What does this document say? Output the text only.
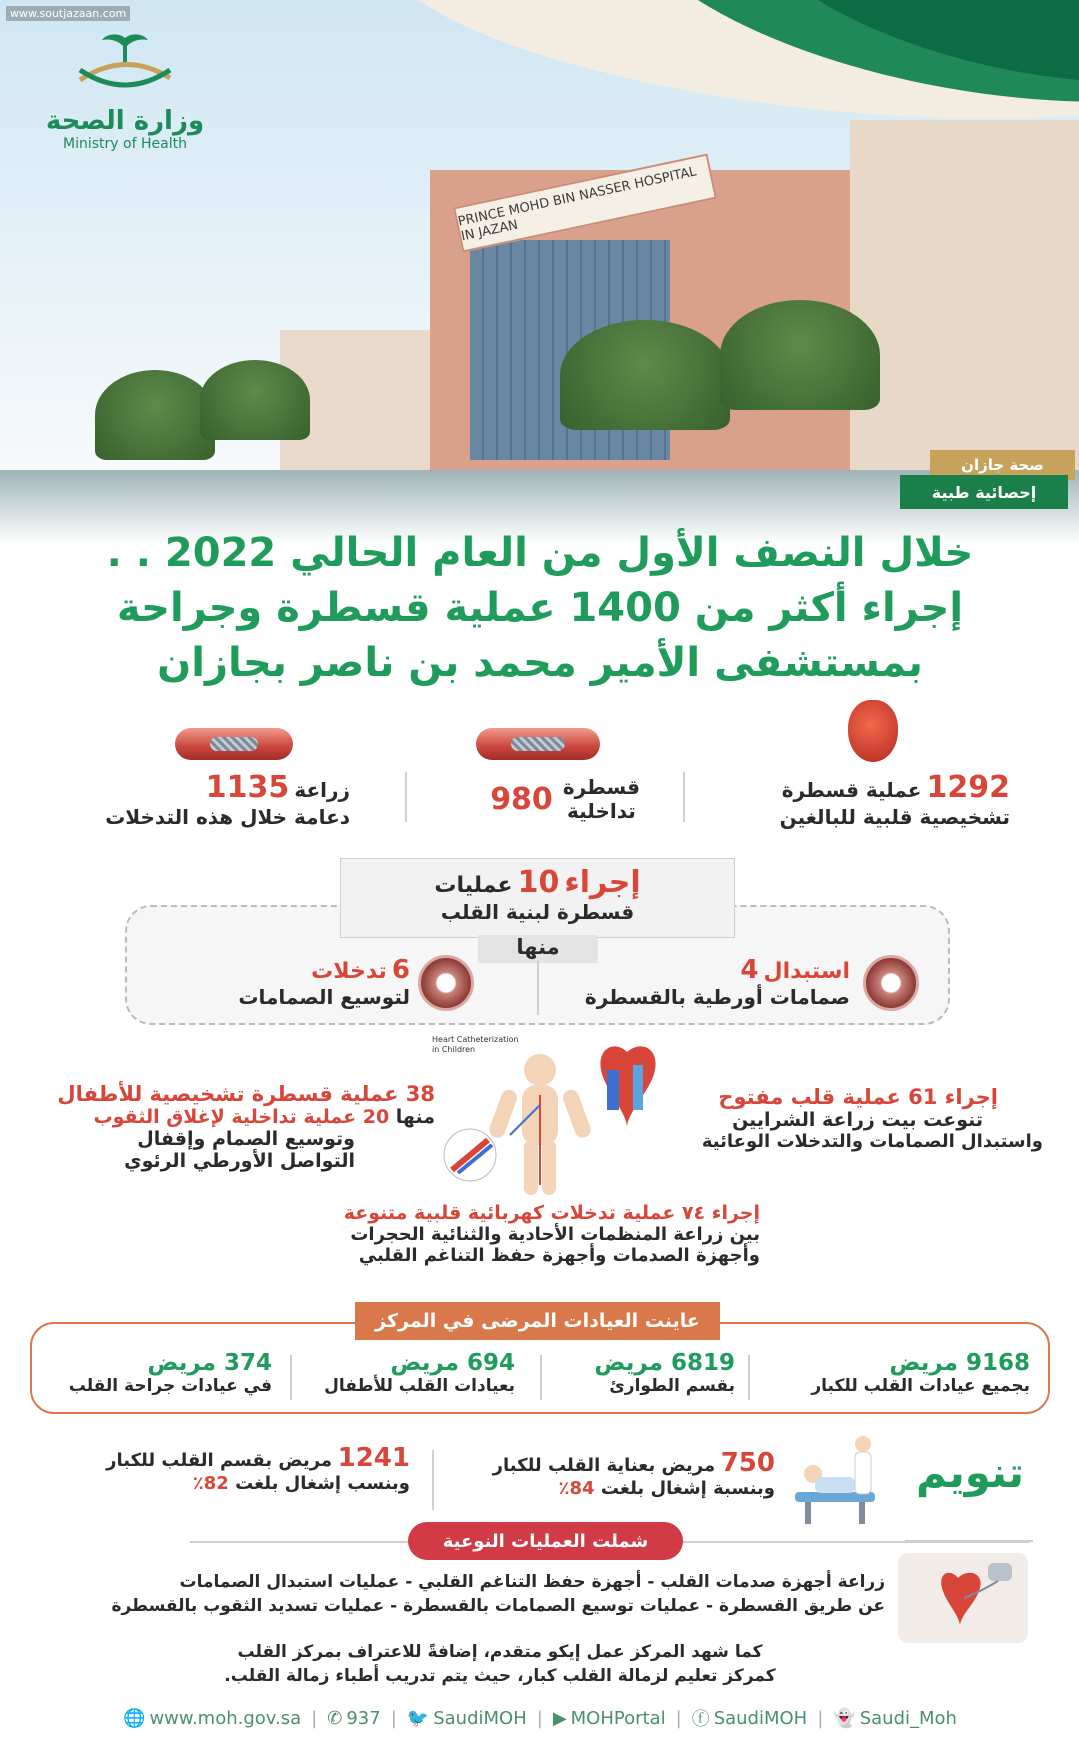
PRINCE MOHD BIN NASSER HOSPITAL IN JAZAN
www.soutjazaan.com
وزارة الصحة
Ministry of Health
صحة جازان
إحصائية طبية
خلال النصف الأول من العام الحالي 2022 . .
إجراء أكثر من 1400 عملية قسطرة وجراحة
بمستشفى الأمير محمد بن ناصر بجازان
1292 عملية قسطرة
تشخيصية قلبية للبالغين
قسطرة
تداخلية
980
زراعة 1135
دعامة خلال هذه التدخلات
إجراء 10 عمليات
قسطرة لبنية القلب
منها
استبدال 4
صمامات أورطية بالقسطرة
6 تدخلات
لتوسيع الصمامات
Heart Catheterization
in Children
38 عملية قسطرة تشخيصية للأطفال
منها 20 عملية تداخلية لإغلاق الثقوب
وتوسيع الصمام وإقفال
التواصل الأورطي الرئوي
إجراء 61 عملية قلب مفتوح
تنوعت بيت زراعة الشرايين
واستبدال الصمامات والتدخلات الوعائية
إجراء ٧٤ عملية تدخلات كهربائية قلبية متنوعة
بين زراعة المنظمات الأحادية والثنائية الحجرات
وأجهزة الصدمات وأجهزة حفظ التناغم القلبي
عاينت العيادات المرضى في المركز
9168 مريض
بجميع عيادات القلب للكبار
6819 مريض
بقسم الطوارئ
694 مريض
بعيادات القلب للأطفال
374 مريض
في عيادات جراحة القلب
تنويم
750 مريض بعناية القلب للكبار
وبنسبة إشغال بلغت 84٪
1241 مريض بقسم القلب للكبار
وبنسب إشغال بلغت 82٪
شملت العمليات النوعية
زراعة أجهزة صدمات القلب - أجهزة حفظ التناغم القلبي - عمليات استبدال الصمامات
عن طريق القسطرة - عمليات توسيع الصمامات بالقسطرة - عمليات تسديد الثقوب بالقسطرة
كما شهد المركز عمل إيكو متقدم، إضافةً للاعتراف بمركز القلب
كمركز تعليم لزمالة القلب كبار، حيث يتم تدريب أطباء زمالة القلب.
🌐 www.moh.gov.sa | ✆ 937 | 🐦 SaudiMOH | ▶ MOHPortal | ⓕ SaudiMOH | 👻 Saudi_Moh
